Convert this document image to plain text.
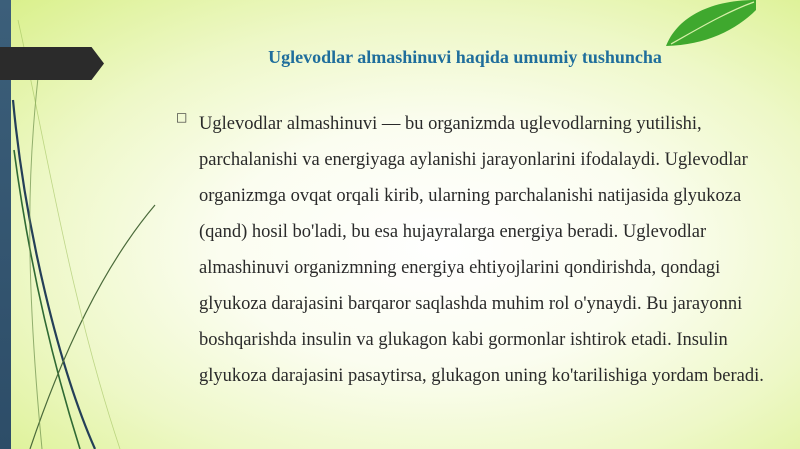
Uglevodlar almashinuvi haqida umumiy tushuncha
□ Uglevodlar almashinuvi — bu organizmda uglevodlarning yutilishi, parchalanishi va energiyaga aylanishi jarayonlarini ifodalaydi. Uglevodlar organizmga ovqat orqali kirib, ularning parchalanishi natijasida glyukoza (qand) hosil bo'ladi, bu esa hujayralarga energiya beradi. Uglevodlar almashinuvi organizmning energiya ehtiyojlarini qondirishda, qondagi glyukoza darajasini barqaror saqlashda muhim rol o'ynaydi. Bu jarayonni boshqarishda insulin va glukagon kabi gormonlar ishtirok etadi. Insulin glyukoza darajasini pasaytirsa, glukagon uning ko'tarilishiga yordam beradi.
